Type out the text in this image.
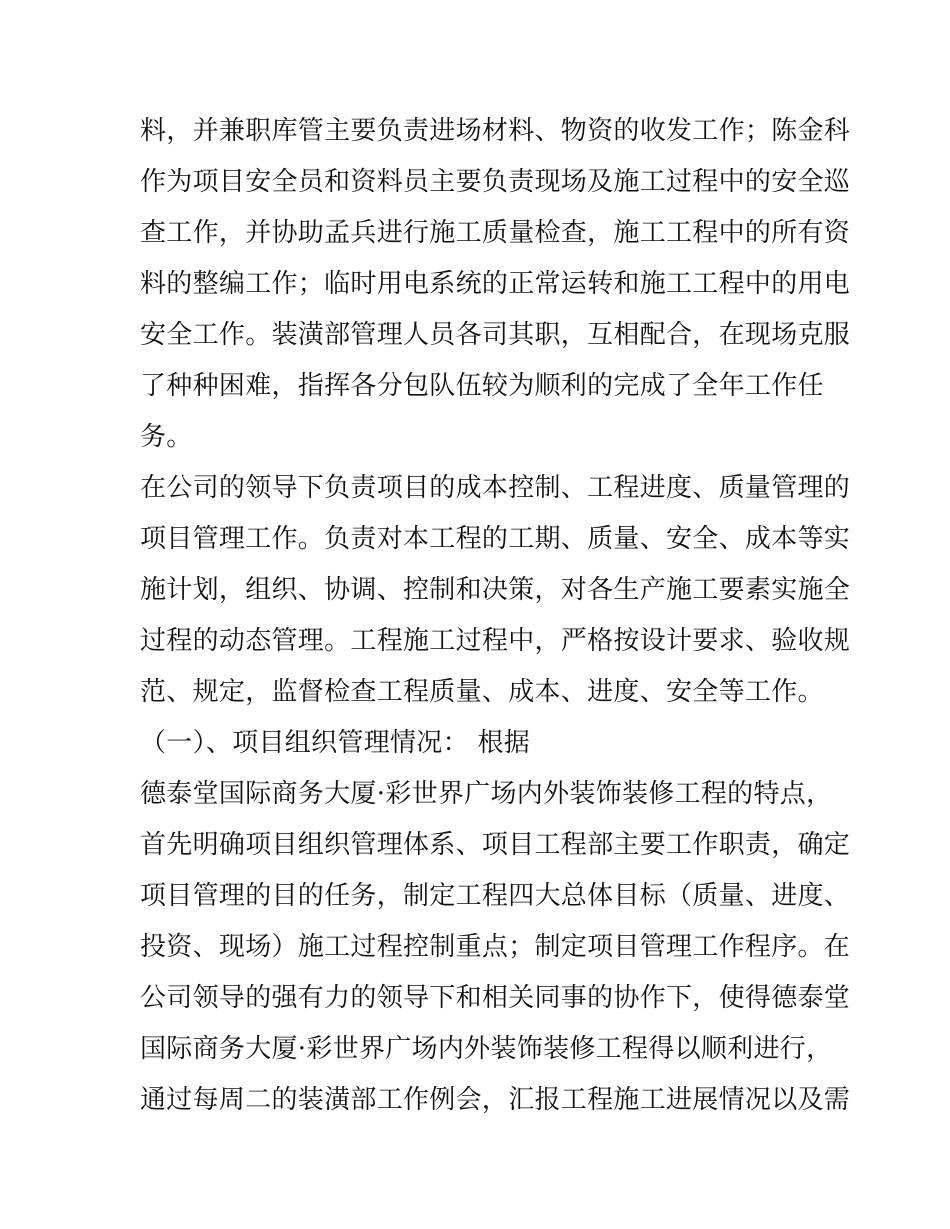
料，并兼职库管主要负责进场材料、物资的收发工作；陈金科
作为项目安全员和资料员主要负责现场及施工过程中的安全巡
查工作，并协助孟兵进行施工质量检查，施工工程中的所有资
料的整编工作；临时用电系统的正常运转和施工工程中的用电
安全工作。装潢部管理人员各司其职，互相配合，在现场克服
了种种困难，指挥各分包队伍较为顺利的完成了全年工作任
务。
在公司的领导下负责项目的成本控制、工程进度、质量管理的
项目管理工作。负责对本工程的工期、质量、安全、成本等实
施计划，组织、协调、控制和决策，对各生产施工要素实施全
过程的动态管理。工程施工过程中，严格按设计要求、验收规
范、规定，监督检查工程质量、成本、进度、安全等工作。
（一）、项目组织管理情况： 根据
德泰堂国际商务大厦·彩世界广场内外装饰装修工程的特点，
首先明确项目组织管理体系、项目工程部主要工作职责，确定
项目管理的目的任务，制定工程四大总体目标（质量、进度、
投资、现场）施工过程控制重点；制定项目管理工作程序。在
公司领导的强有力的领导下和相关同事的协作下，使得德泰堂
国际商务大厦·彩世界广场内外装饰装修工程得以顺利进行，
通过每周二的装潢部工作例会，汇报工程施工进展情况以及需
